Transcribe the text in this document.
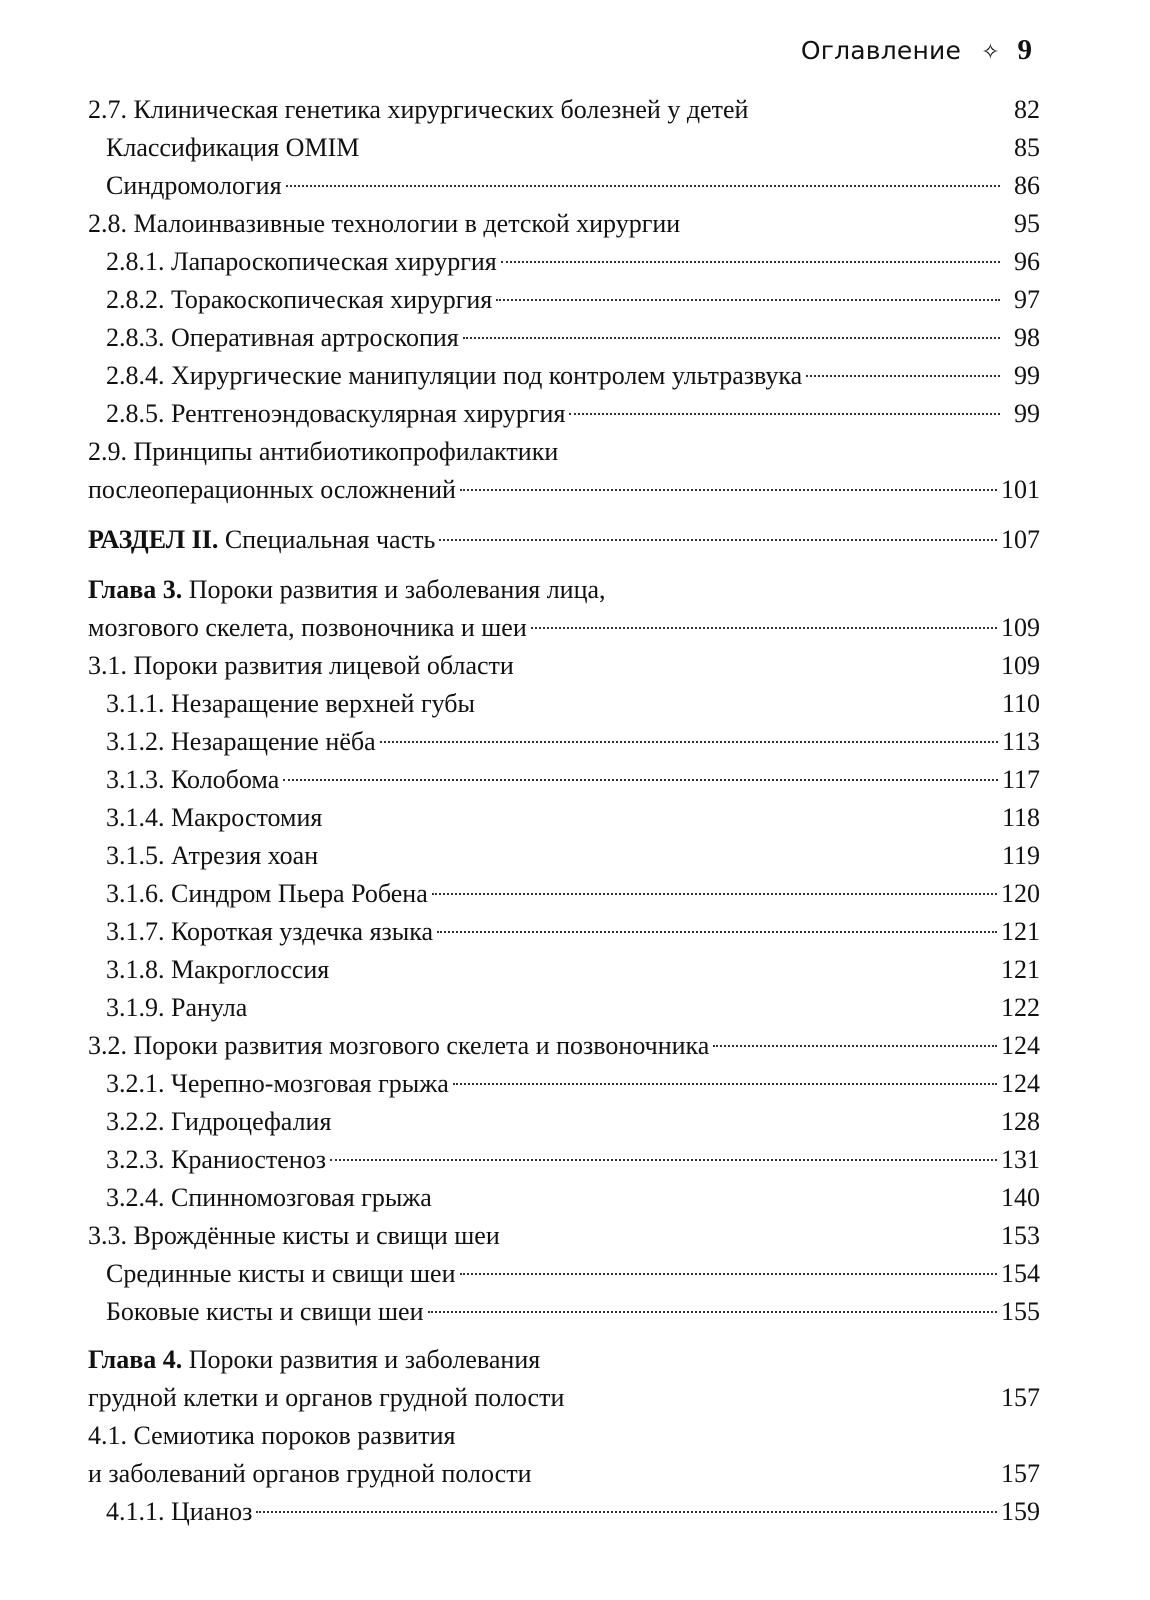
Оглавление ✧ 9
2.7. Клиническая генетика хирургических болезней у детей	82
Классификация OMIM	85
Синдромология	86
2.8. Малоинвазивные технологии в детской хирургии	95
2.8.1. Лапароскопическая хирургия	96
2.8.2. Торакоскопическая хирургия	97
2.8.3. Оперативная артроскопия	98
2.8.4. Хирургические манипуляции под контролем ультразвука	99
2.8.5. Рентгеноэндоваскулярная хирургия	99
2.9. Принципы антибиотикопрофилактики
послеоперационных осложнений	101
РАЗДЕЛ II. Специальная часть	107
Глава 3. Пороки развития и заболевания лица,
мозгового скелета, позвоночника и шеи	109
3.1. Пороки развития лицевой области	109
3.1.1. Незаращение верхней губы	110
3.1.2. Незаращение нёба	113
3.1.3. Колобома	117
3.1.4. Макростомия	118
3.1.5. Атрезия хоан	119
3.1.6. Синдром Пьера Робена	120
3.1.7. Короткая уздечка языка	121
3.1.8. Макроглоссия	121
3.1.9. Ранула	122
3.2. Пороки развития мозгового скелета и позвоночника	124
3.2.1. Черепно-мозговая грыжа	124
3.2.2. Гидроцефалия	128
3.2.3. Краниостеноз	131
3.2.4. Спинномозговая грыжа	140
3.3. Врождённые кисты и свищи шеи	153
Срединные кисты и свищи шеи	154
Боковые кисты и свищи шеи	155
Глава 4. Пороки развития и заболевания
грудной клетки и органов грудной полости	157
4.1. Семиотика пороков развития
и заболеваний органов грудной полости	157
4.1.1. Цианоз	159
